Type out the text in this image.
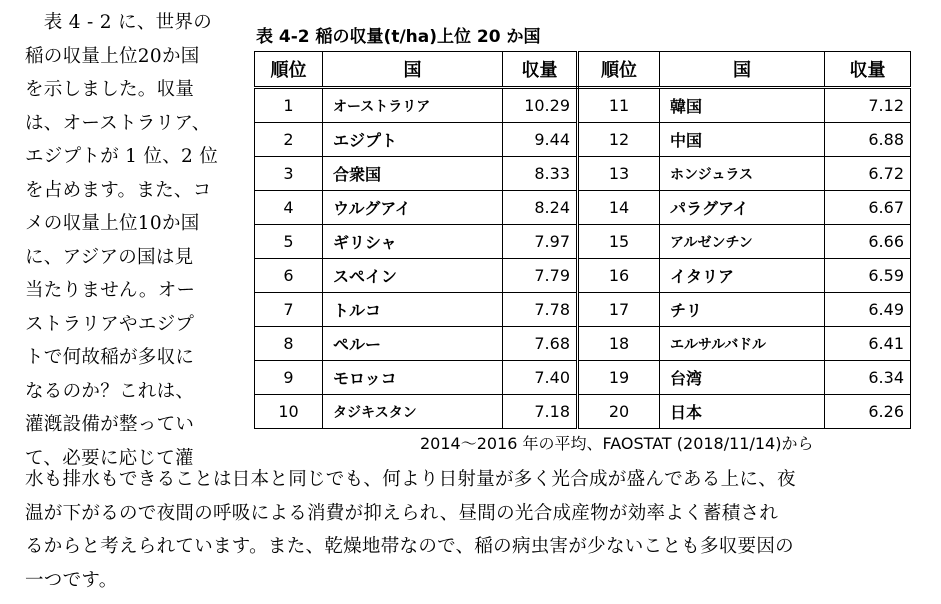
　表 4 - 2 に、世界の
稲の収量上位20か国
を示しました。収量
は、オーストラリア、
エジプトが 1 位、2 位
を占めます。また、コ
メの収量上位10か国
に、アジアの国は見
当たりません。オー
ストラリアやエジプ
トで何故稲が多収に
なるのか？これは、
灌漑設備が整ってい
て、必要に応じて灌
表 4-2 稲の収量(t/ha)上位 20 か国
順位	国	収量	順位	国	収量
1	オーストラリア	10.29	11	韓国	7.12
2	エジプト	9.44	12	中国	6.88
3	合衆国	8.33	13	ホンジュラス	6.72
4	ウルグアイ	8.24	14	パラグアイ	6.67
5	ギリシャ	7.97	15	アルゼンチン	6.66
6	スペイン	7.79	16	イタリア	6.59
7	トルコ	7.78	17	チリ	6.49
8	ペルー	7.68	18	エルサルバドル	6.41
9	モロッコ	7.40	19	台湾	6.34
10	タジキスタン	7.18	20	日本	6.26
2014〜2016 年の平均、FAOSTAT (2018/11/14)から
水も排水もできることは日本と同じでも、何より日射量が多く光合成が盛んである上に、夜
温が下がるので夜間の呼吸による消費が抑えられ、昼間の光合成産物が効率よく蓄積され
るからと考えられています。また、乾燥地帯なので、稲の病虫害が少ないことも多収要因の
一つです。
